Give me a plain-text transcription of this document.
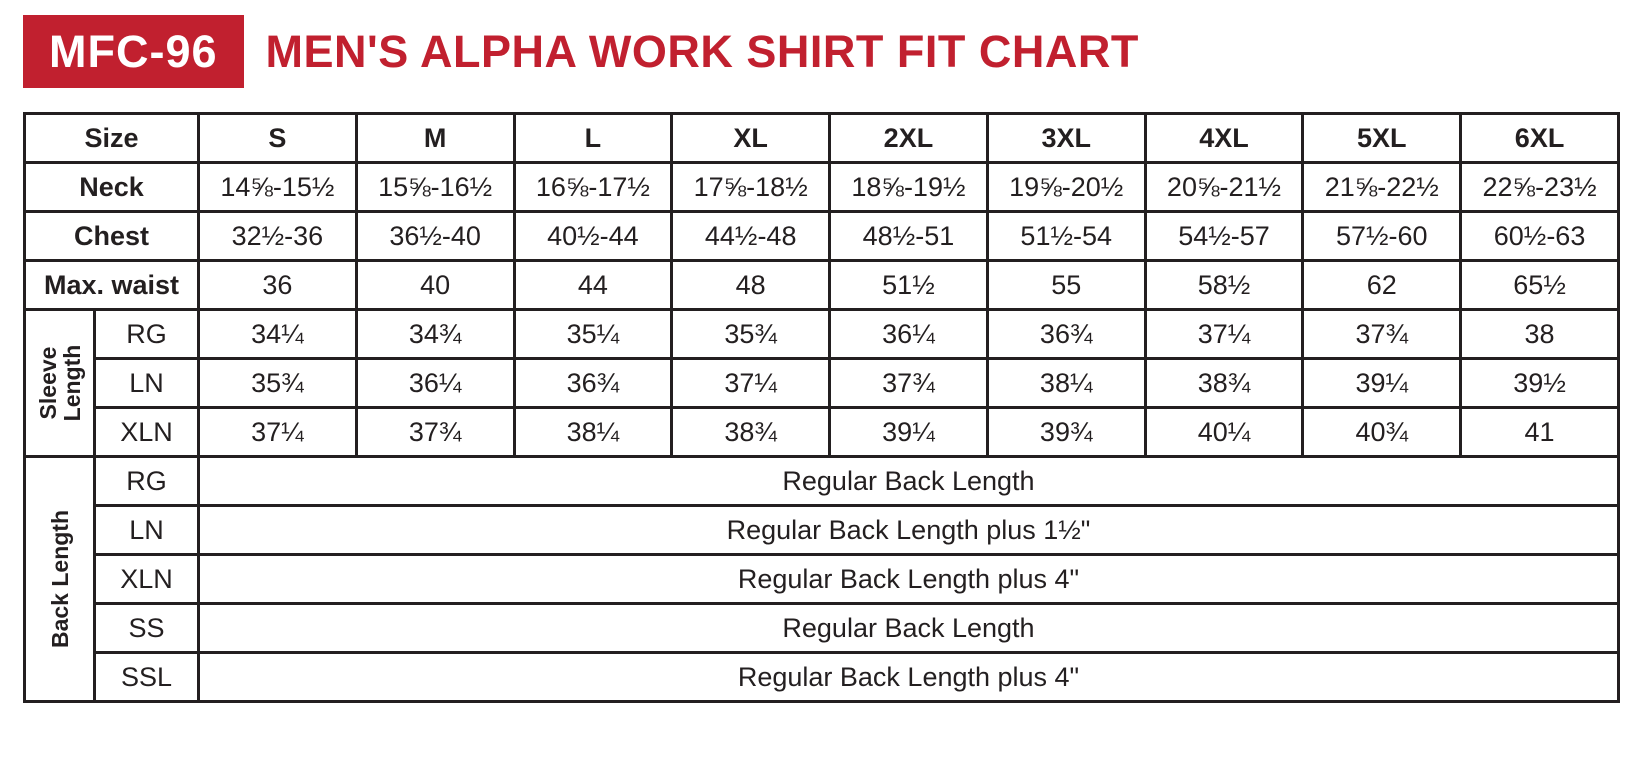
MFC-96	MEN'S ALPHA WORK SHIRT FIT CHART
Size		S	M	L	XL	2XL	3XL	4XL	5XL	6XL
Neck		14⅝-15½	15⅝-16½	16⅝-17½	17⅝-18½	18⅝-19½	19⅝-20½	20⅝-21½	21⅝-22½	22⅝-23½
Chest		32½-36	36½-40	40½-44	44½-48	48½-51	51½-54	54½-57	57½-60	60½-63
Max. waist		36	40	44	48	51½	55	58½	62	65½

Sleeve Length	RG	34¼	34¾	35¼	35¾	36¼	36¾	37¼	37¾	38
	LN	35¾	36¼	36¾	37¼	37¾	38¼	38¾	39¼	39½
	XLN	37¼	37¾	38¼	38¾	39¼	39¾	40¼	40¾	41

Back Length	RG	Regular Back Length								
	LN	Regular Back Length plus 1½"								
	XLN	Regular Back Length plus 4"								
	SS	Regular Back Length								
	SSL	Regular Back Length plus 4"								
